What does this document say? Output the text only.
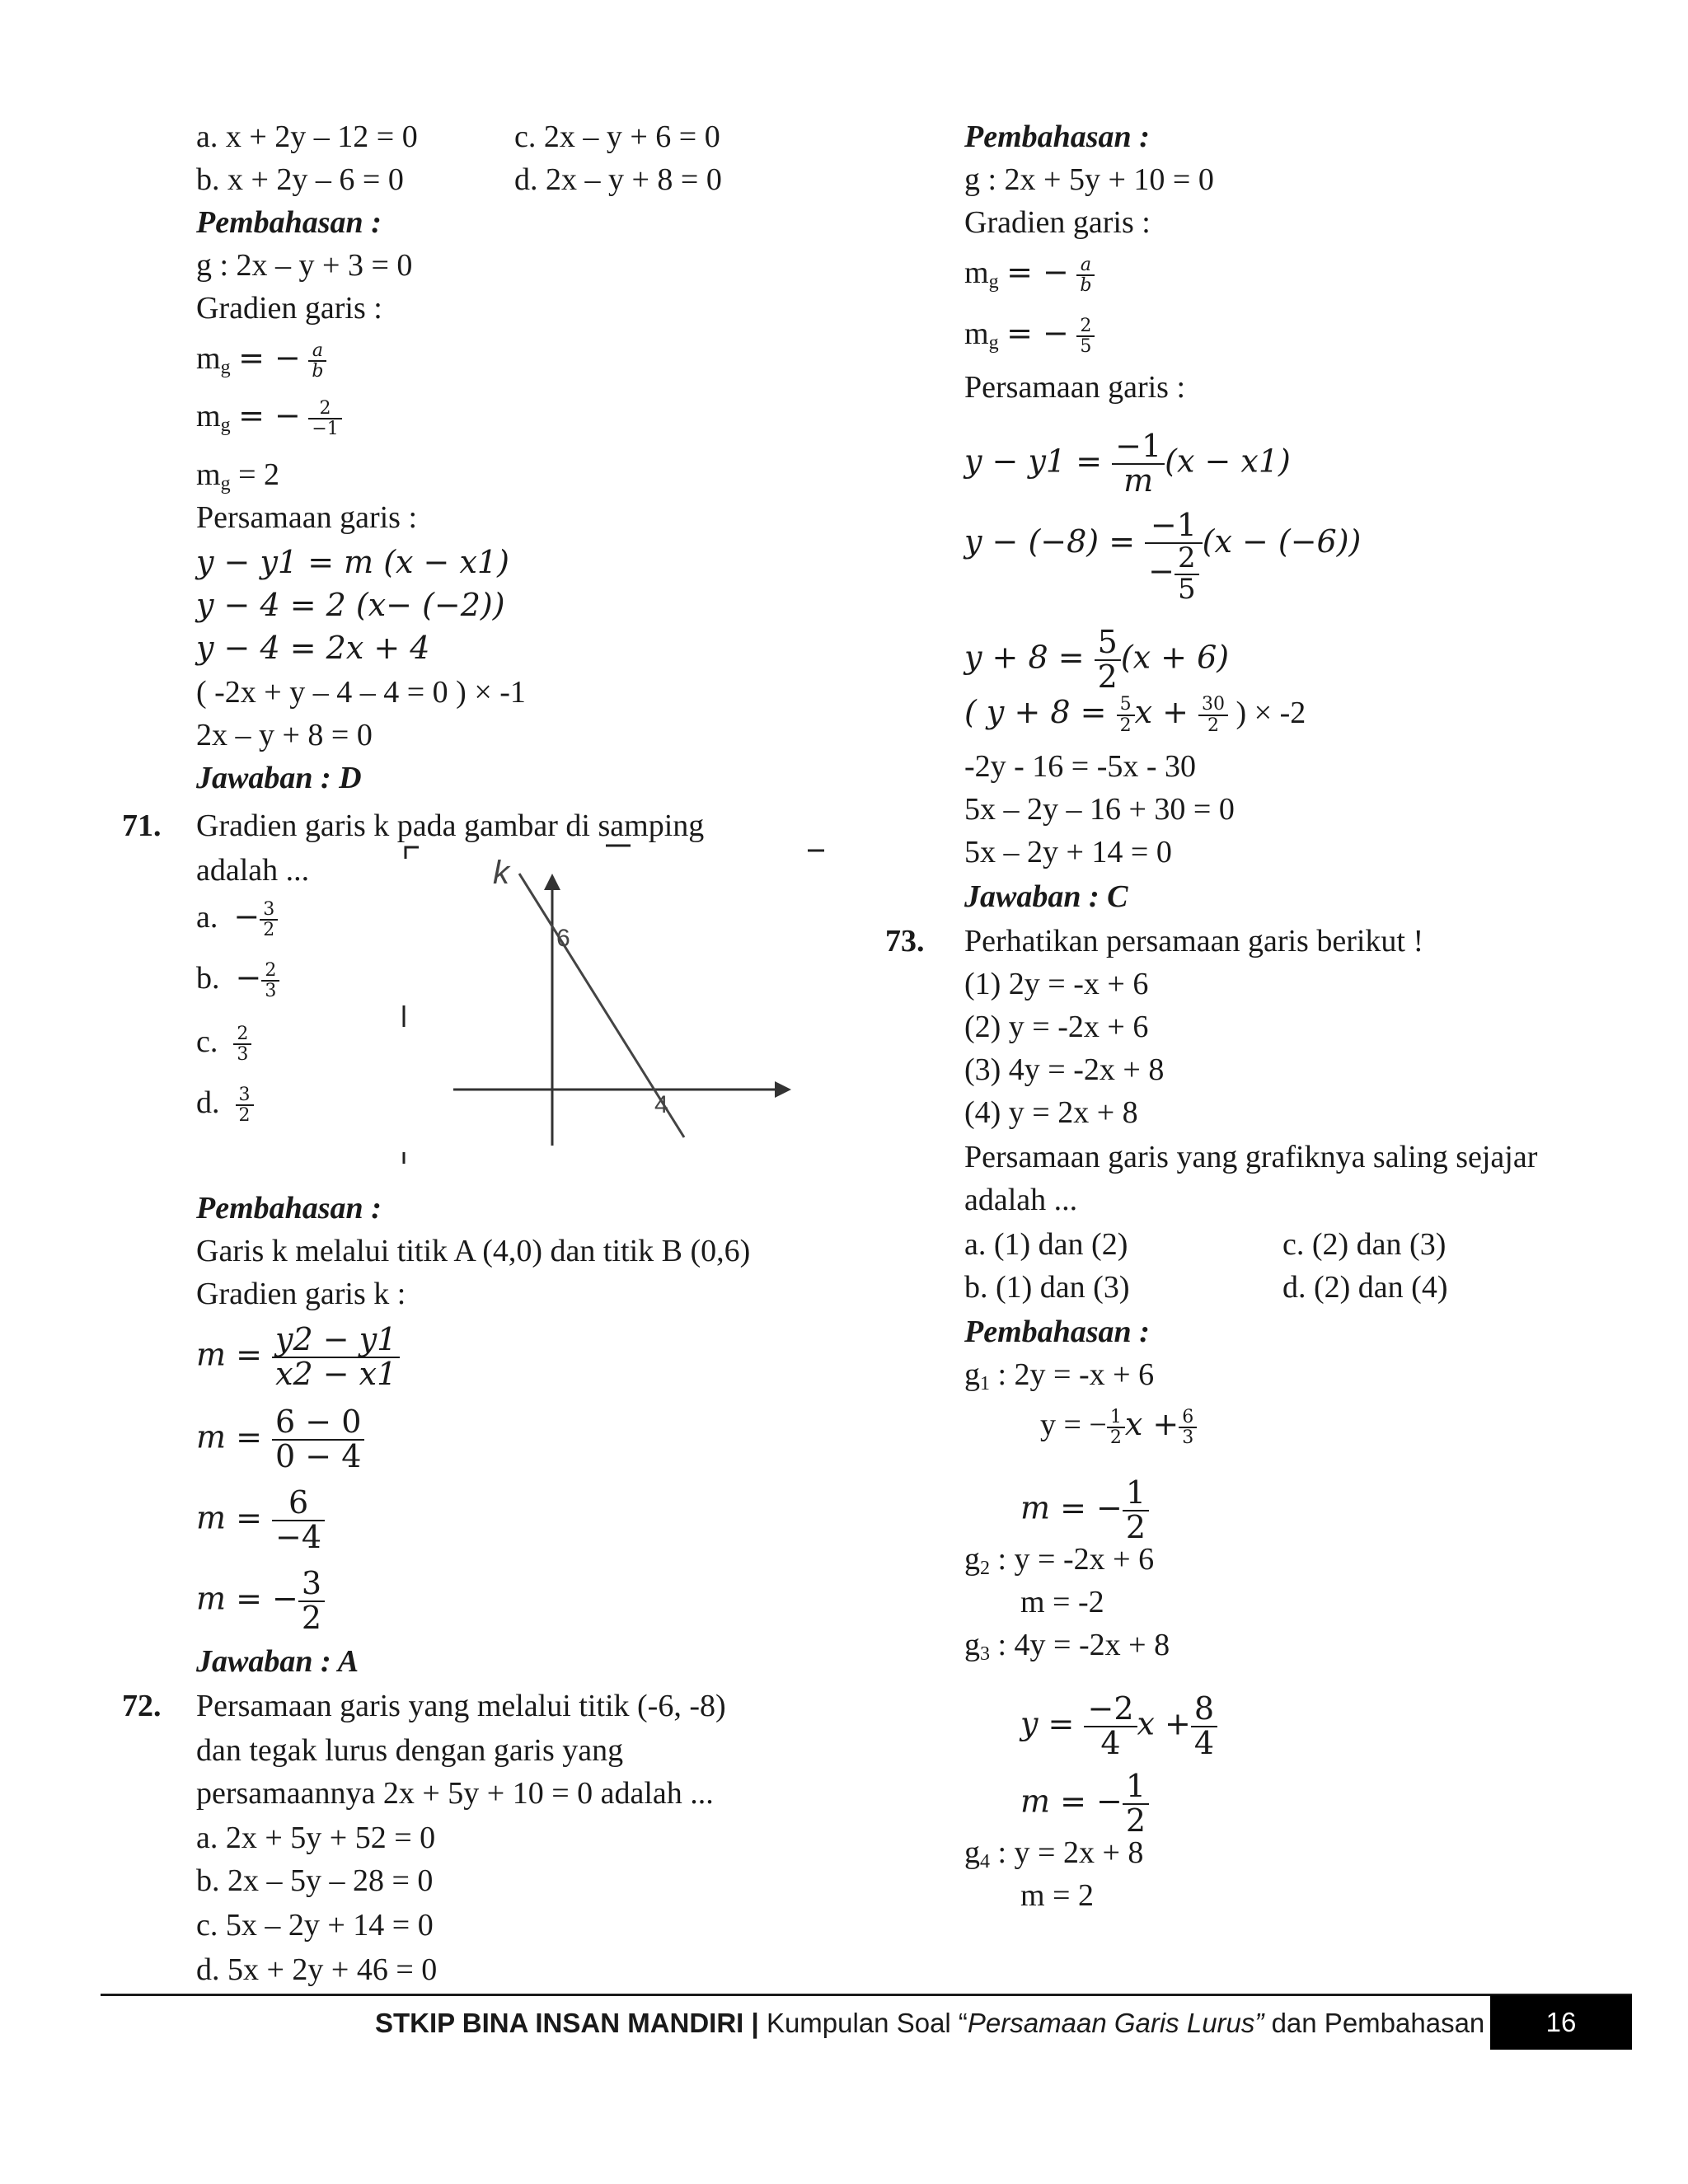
a. x + 2y – 12 = 0	c. 2x – y + 6 = 0
b. x + 2y – 6 = 0	d. 2x – y + 8 = 0
Pembahasan :
g : 2x – y + 3 = 0
Gradien garis :
$m_g$ = − $\frac{a}{b}$
$m_g$ = − $\frac{2}{-1}$
$m_g = 2$
Persamaan garis :
y − y1 = m (x − x1)
y − 4 = 2 (x− (−2))
y − 4 = 2x + 4
( -2x + y – 4 – 4 = 0 ) × -1
2x – y + 8 = 0
Jawaban : D
71. Gradien garis k pada gambar di samping
adalah ...
a. − $\frac{3}{2}$
b. − $\frac{2}{3}$
c. $\frac{2}{3}$
d. $\frac{3}{2}$
k
6
4
Pembahasan :
Garis k melalui titik A (4,0) dan titik B (0,6)
Gradien garis k :
$m = \frac{y2 - y1}{x2 - x1}$
$m = \frac{6 - 0}{0 - 4}$
$m = \frac{6}{-4}$
m = − $\frac{3}{2}$
Jawaban : A
72. Persamaan garis yang melalui titik (-6, -8)
dan tegak lurus dengan garis yang
persamaannya 2x + 5y + 10 = 0 adalah ...
a. 2x + 5y + 52 = 0
b. 2x – 5y – 28 = 0
c. 5x – 2y + 14 = 0
d. 5x + 2y + 46 = 0
Pembahasan :
g : 2x + 5y + 10 = 0
Gradien garis :
$m_g$ = − $\frac{a}{b}$
$m_g$ = − $\frac{2}{5}$
Persamaan garis :
$y - y1 = \frac{-1}{m} (x - x1)$
$y - (-8) = \frac{-1}{- \frac{2}{5}} (x - (-6))$
$y + 8 = \frac{5}{2} (x + 6)$
( $y + 8 = \frac{5}{2}$ $x + \frac{30}{2}$ ) × -2
-2y - 16 = -5x - 30
5x – 2y – 16 + 30 = 0
5x – 2y + 14 = 0
Jawaban : C
73. Perhatikan persamaan garis berikut !
(1) 2y = -x + 6
(2) y = -2x + 6
(3) 4y = -2x + 8
(4) y = 2x + 8
Persamaan garis yang grafiknya saling sejajar
adalah ...
a. (1) dan (2)	c. (2) dan (3)
b. (1) dan (3)	d. (2) dan (4)
Pembahasan :
$g_1$ : 2y = -x + 6
y = − $\frac{1}{2}$ $x + \frac{6}{3}$
m = − $\frac{1}{2}$
$g_2$ : y = -2x + 6
m = -2
$g_3$ : 4y = -2x + 8
$y = \frac{-2}{4}$ $x + \frac{8}{4}$
m = − $\frac{1}{2}$
$g_4$ : y = 2x + 8
m = 2
STKIP BINA INSAN MANDIRI | Kumpulan Soal “Persamaan Garis Lurus” dan Pembahasan	16
